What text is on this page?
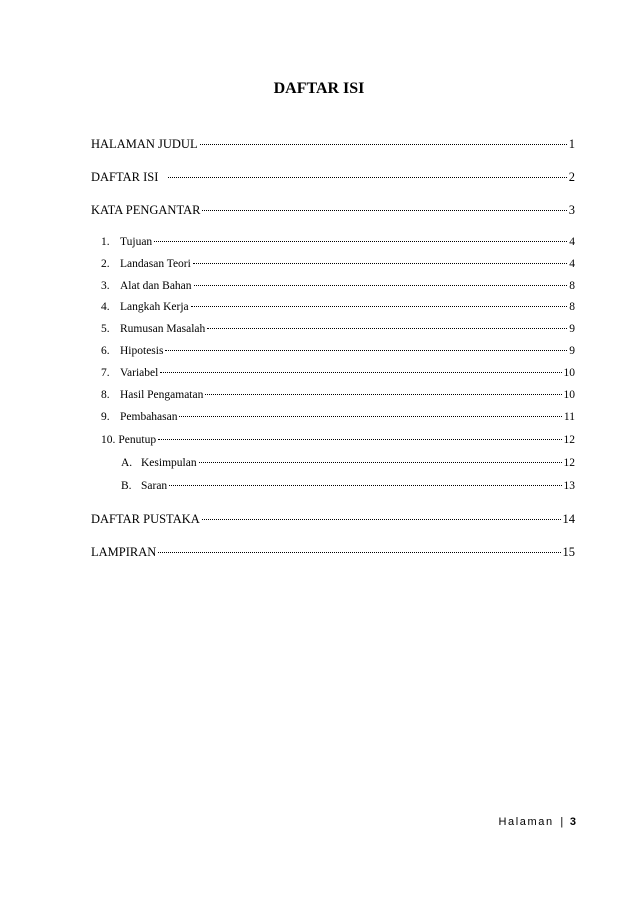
DAFTAR ISI
HALAMAN JUDUL	1
DAFTAR ISI	2
KATA PENGANTAR	3
1. Tujuan	4
2. Landasan Teori	4
3. Alat dan Bahan	8
4. Langkah Kerja	8
5. Rumusan Masalah	9
6. Hipotesis	9
7. Variabel	10
8. Hasil Pengamatan	10
9. Pembahasan	11
10. Penutup	12
A. Kesimpulan	12
B. Saran	13
DAFTAR PUSTAKA	14
LAMPIRAN	15
Halaman | 3
